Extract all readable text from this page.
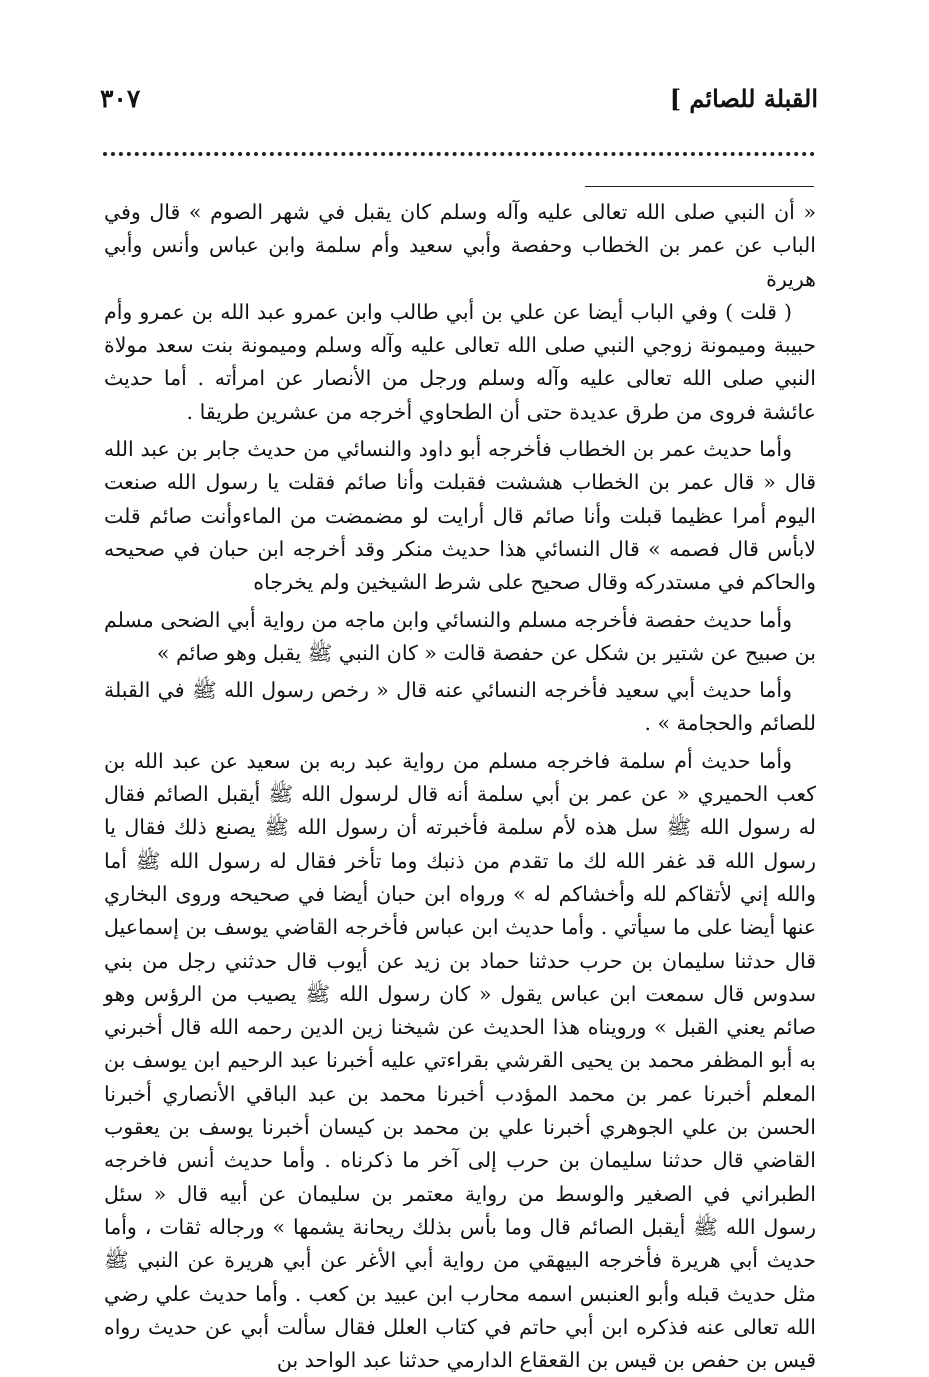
٣٠٧	القبلة للصائم ]

« أن النبي صلى الله تعالى عليه وآله وسلم كان يقبل في شهر الصوم » قال وفي الباب عن عمر بن الخطاب وحفصة وأبي سعيد وأم سلمة وابن عباس وأنس وأبي هريرة

( قلت ) وفي الباب أيضا عن علي بن أبي طالب وابن عمرو عبد الله بن عمرو وأم حبيبة وميمونة زوجي النبي صلى الله تعالى عليه وآله وسلم وميمونة بنت سعد مولاة النبي صلى الله تعالى عليه وآله وسلم ورجل من الأنصار عن امرأته . أما حديث عائشة فروى من طرق عديدة حتى أن الطحاوي أخرجه من عشرين طريقا .

وأما حديث عمر بن الخطاب فأخرجه أبو داود والنسائي من حديث جابر بن عبد الله قال « قال عمر بن الخطاب هششت فقبلت وأنا صائم فقلت يا رسول الله صنعت اليوم أمرا عظيما قبلت وأنا صائم قال أرايت لو مضمضت من الماءوأنت صائم قلت لابأس قال فصمه » قال النسائي هذا حديث منكر وقد أخرجه ابن حبان في صحيحه والحاكم في مستدركه وقال صحيح على شرط الشيخين ولم يخرجاه

وأما حديث حفصة فأخرجه مسلم والنسائي وابن ماجه من رواية أبي الضحى مسلم بن صبيح عن شتير بن شكل عن حفصة قالت « كان النبي ﷺ يقبل وهو صائم »

وأما حديث أبي سعيد فأخرجه النسائي عنه قال « رخص رسول الله ﷺ في القبلة للصائم والحجامة » .

وأما حديث أم سلمة فاخرجه مسلم من رواية عبد ربه بن سعيد عن عبد الله بن كعب الحميري « عن عمر بن أبي سلمة أنه قال لرسول الله ﷺ أيقبل الصائم فقال له رسول الله ﷺ سل هذه لأم سلمة فأخبرته أن رسول الله ﷺ يصنع ذلك فقال يا رسول الله قد غفر الله لك ما تقدم من ذنبك وما تأخر فقال له رسول الله ﷺ أما والله إني لأتقاكم لله وأخشاكم له » ورواه ابن حبان أيضا في صحيحه وروى البخاري عنها أيضا على ما سيأتي . وأما حديث ابن عباس فأخرجه القاضي يوسف بن إسماعيل قال حدثنا سليمان بن حرب حدثنا حماد بن زيد عن أيوب قال حدثني رجل من بني سدوس قال سمعت ابن عباس يقول « كان رسول الله ﷺ يصيب من الرؤس وهو صائم يعني القبل » ورويناه هذا الحديث عن شيخنا زين الدين رحمه الله قال أخبرني به أبو المظفر محمد بن يحيى القرشي بقراءتي عليه أخبرنا عبد الرحيم ابن يوسف بن المعلم أخبرنا عمر بن محمد المؤدب أخبرنا محمد بن عبد الباقي الأنصاري أخبرنا الحسن بن علي الجوهري أخبرنا علي بن محمد بن كيسان أخبرنا يوسف بن يعقوب القاضي قال حدثنا سليمان بن حرب إلى آخر ما ذكرناه . وأما حديث أنس فاخرجه الطبراني في الصغير والوسط من رواية معتمر بن سليمان عن أبيه قال « سئل رسول الله ﷺ أيقبل الصائم قال وما بأس بذلك ريحانة يشمها » ورجاله ثقات ، وأما حديث أبي هريرة فأخرجه البيهقي من رواية أبي الأغر عن أبي هريرة عن النبي ﷺ مثل حديث قبله وأبو العنبس اسمه محارب ابن عبيد بن كعب . وأما حديث علي رضي الله تعالى عنه فذكره ابن أبي حاتم في كتاب العلل فقال سألت أبي عن حديث رواه قيس بن حفص بن قيس بن القعقاع الدارمي حدثنا عبد الواحد بن
